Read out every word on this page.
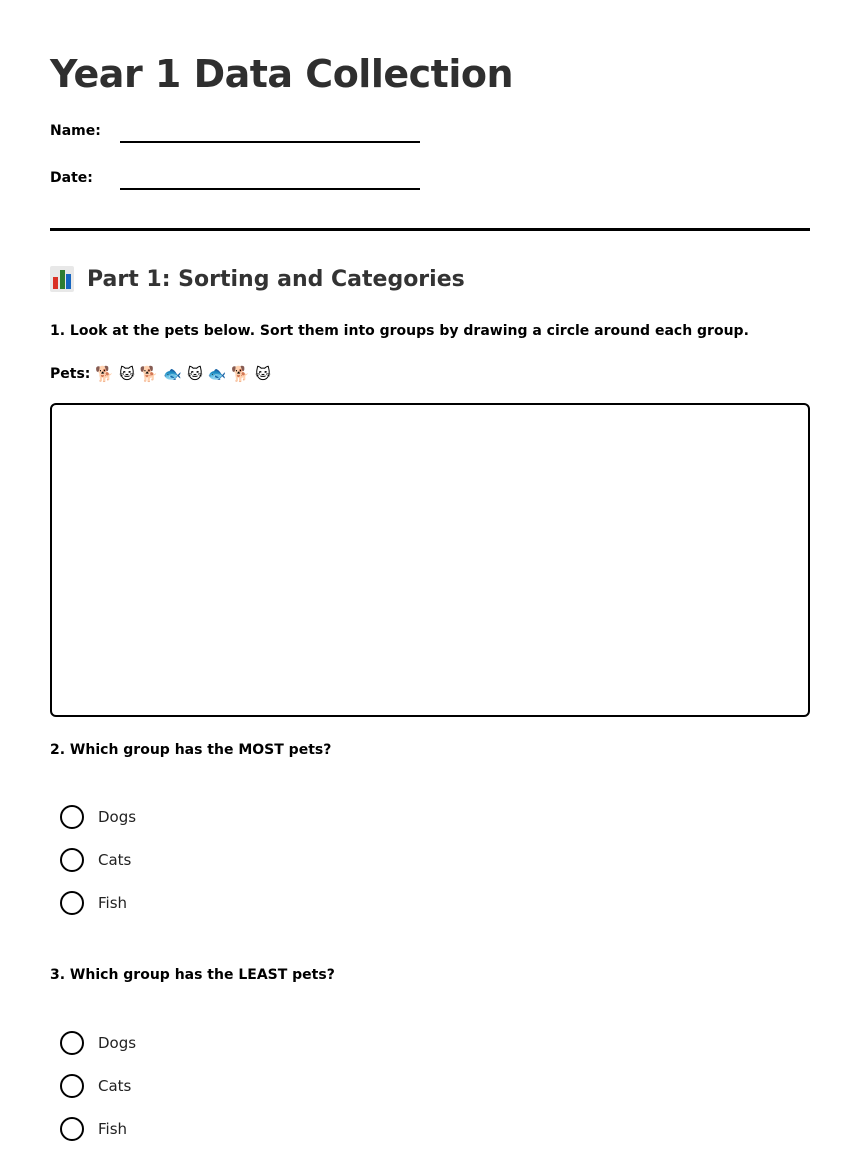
Year 1 Data Collection
Name:
Date:
Part 1: Sorting and Categories
1. Look at the pets below. Sort them into groups by drawing a circle around each group.
Pets: 🐕 🐱 🐕 🐟 🐱 🐟 🐕 🐱
2. Which group has the MOST pets?
Dogs
Cats
Fish
3. Which group has the LEAST pets?
Dogs
Cats
Fish
